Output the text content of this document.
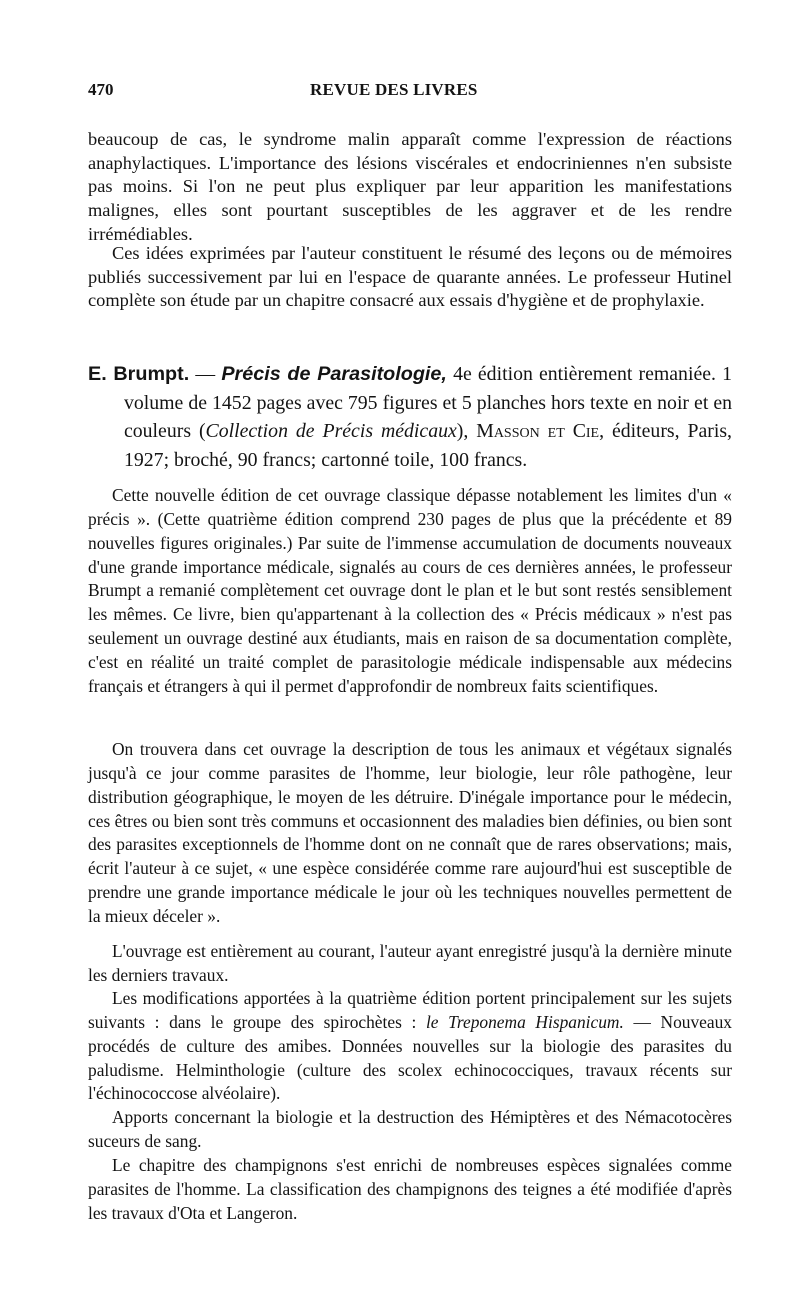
470	REVUE DES LIVRES

beaucoup de cas, le syndrome malin apparaît comme l'expression de réactions anaphylactiques. L'importance des lésions viscérales et endocriniennes n'en subsiste pas moins. Si l'on ne peut plus expliquer par leur apparition les manifestations malignes, elles sont pourtant susceptibles de les aggraver et de les rendre irrémédiables.

Ces idées exprimées par l'auteur constituent le résumé des leçons ou de mémoires publiés successivement par lui en l'espace de quarante années. Le professeur Hutinel complète son étude par un chapitre consacré aux essais d'hygiène et de prophylaxie.

E. Brumpt. — Précis de Parasitologie, 4e édition entièrement remaniée. 1 volume de 1452 pages avec 795 figures et 5 planches hors texte en noir et en couleurs (Collection de Précis médicaux), Masson et Cie, éditeurs, Paris, 1927; broché, 90 francs; cartonné toile, 100 francs.

Cette nouvelle édition de cet ouvrage classique dépasse notablement les limites d'un « précis ». (Cette quatrième édition comprend 230 pages de plus que la précédente et 89 nouvelles figures originales.) Par suite de l'immense accumulation de documents nouveaux d'une grande importance médicale, signalés au cours de ces dernières années, le professeur Brumpt a remanié complètement cet ouvrage dont le plan et le but sont restés sensiblement les mêmes. Ce livre, bien qu'appartenant à la collection des « Précis médicaux » n'est pas seulement un ouvrage destiné aux étudiants, mais en raison de sa documentation complète, c'est en réalité un traité complet de parasitologie médicale indispensable aux médecins français et étrangers à qui il permet d'approfondir de nombreux faits scientifiques.

On trouvera dans cet ouvrage la description de tous les animaux et végétaux signalés jusqu'à ce jour comme parasites de l'homme, leur biologie, leur rôle pathogène, leur distribution géographique, le moyen de les détruire. D'inégale importance pour le médecin, ces êtres ou bien sont très communs et occasionnent des maladies bien définies, ou bien sont des parasites exceptionnels de l'homme dont on ne connaît que de rares observations; mais, écrit l'auteur à ce sujet, « une espèce considérée comme rare aujourd'hui est susceptible de prendre une grande importance médicale le jour où les techniques nouvelles permettent de la mieux déceler ».

L'ouvrage est entièrement au courant, l'auteur ayant enregistré jusqu'à la dernière minute les derniers travaux.

Les modifications apportées à la quatrième édition portent principalement sur les sujets suivants : dans le groupe des spirochètes : le Treponema Hispanicum. — Nouveaux procédés de culture des amibes. Données nouvelles sur la biologie des parasites du paludisme. Helminthologie (culture des scolex echinococciques, travaux récents sur l'échinococcose alvéolaire).

Apports concernant la biologie et la destruction des Hémiptères et des Némacotocères suceurs de sang.

Le chapitre des champignons s'est enrichi de nombreuses espèces signalées comme parasites de l'homme. La classification des champignons des teignes a été modifiée d'après les travaux d'Ota et Langeron.
